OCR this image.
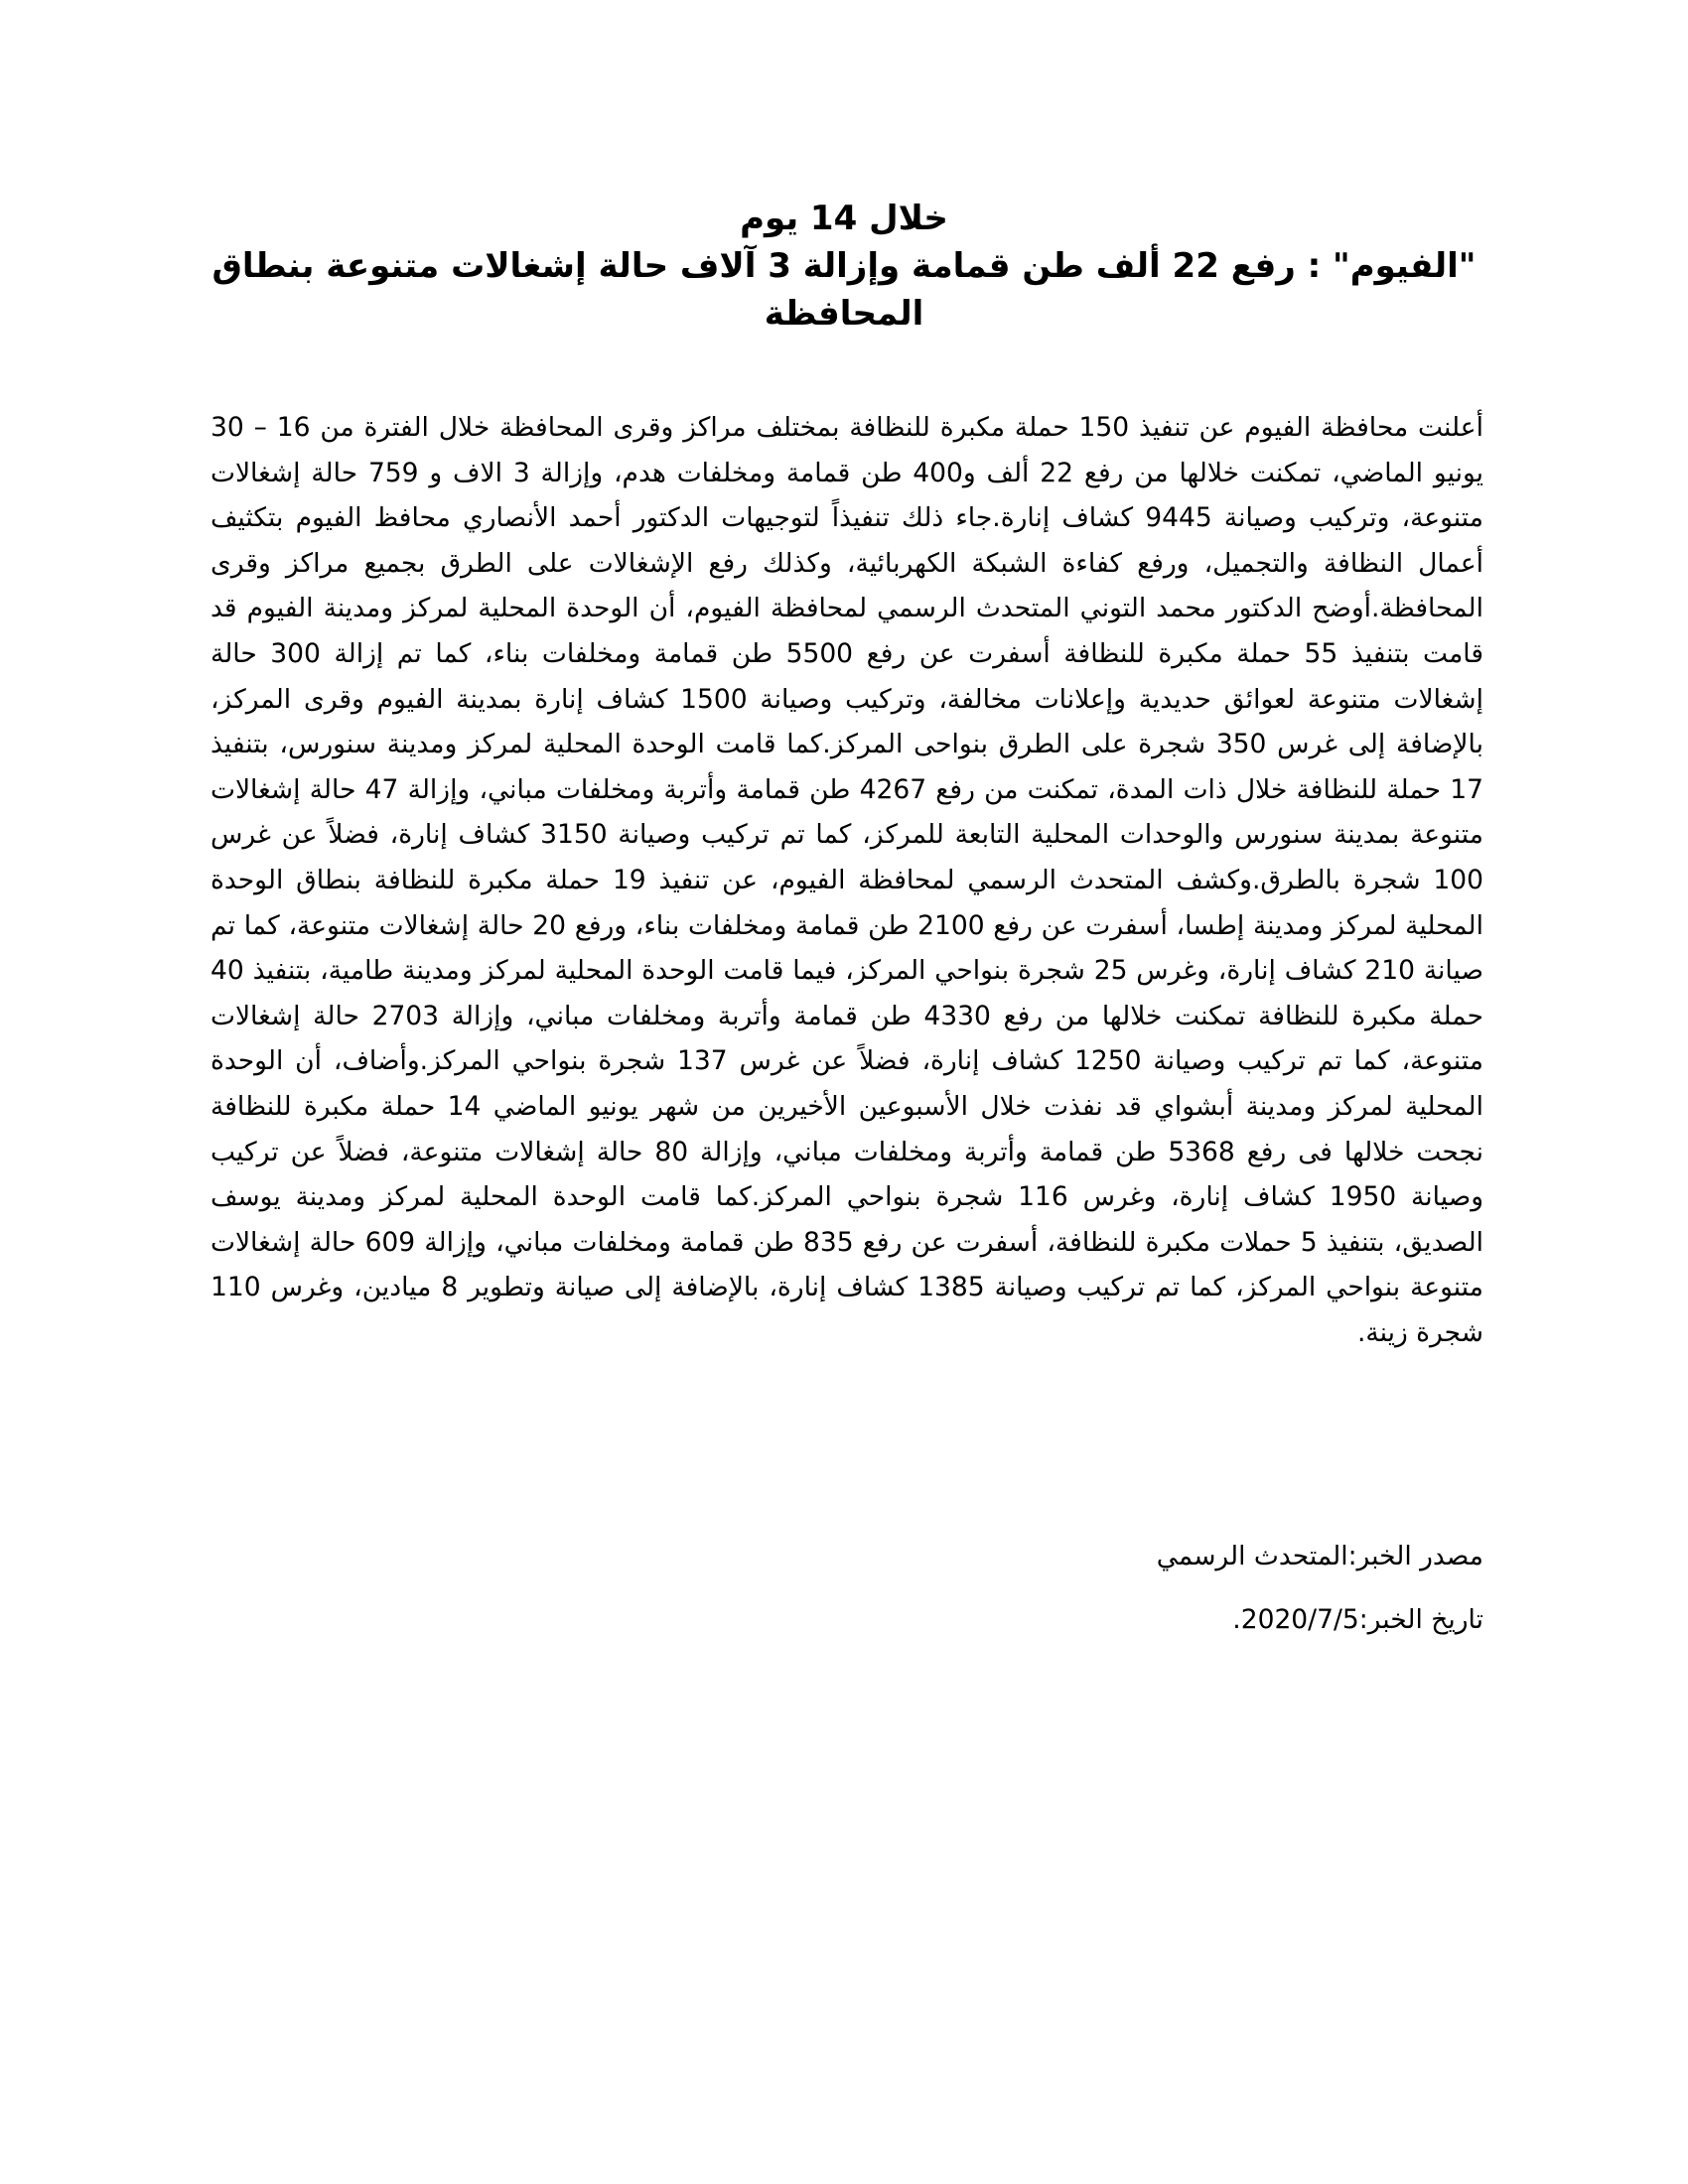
خلال 14 يوم
"الفيوم" : رفع 22 ألف طن قمامة وإزالة 3 آلاف حالة إشغالات متنوعة بنطاق المحافظة

أعلنت محافظة الفيوم عن تنفيذ 150 حملة مكبرة للنظافة بمختلف مراكز وقرى المحافظة خلال الفترة من 16 – 30 يونيو الماضي، تمكنت خلالها من رفع 22 ألف و400 طن قمامة ومخلفات هدم، وإزالة 3 الاف و 759 حالة إشغالات متنوعة، وتركيب وصيانة 9445 كشاف إنارة.جاء ذلك تنفيذاً لتوجيهات الدكتور أحمد الأنصاري محافظ الفيوم بتكثيف أعمال النظافة والتجميل، ورفع كفاءة الشبكة الكهربائية، وكذلك رفع الإشغالات على الطرق بجميع مراكز وقرى المحافظة.أوضح الدكتور محمد التوني المتحدث الرسمي لمحافظة الفيوم، أن الوحدة المحلية لمركز ومدينة الفيوم قد قامت بتنفيذ 55 حملة مكبرة للنظافة أسفرت عن رفع 5500 طن قمامة ومخلفات بناء، كما تم إزالة 300 حالة إشغالات متنوعة لعوائق حديدية وإعلانات مخالفة، وتركيب وصيانة 1500 كشاف إنارة بمدينة الفيوم وقرى المركز، بالإضافة إلى غرس 350 شجرة على الطرق بنواحى المركز.كما قامت الوحدة المحلية لمركز ومدينة سنورس، بتنفيذ 17 حملة للنظافة خلال ذات المدة، تمكنت من رفع 4267 طن قمامة وأتربة ومخلفات مباني، وإزالة 47 حالة إشغالات متنوعة بمدينة سنورس والوحدات المحلية التابعة للمركز، كما تم تركيب وصيانة 3150 كشاف إنارة، فضلاً عن غرس 100 شجرة بالطرق.وكشف المتحدث الرسمي لمحافظة الفيوم، عن تنفيذ 19 حملة مكبرة للنظافة بنطاق الوحدة المحلية لمركز ومدينة إطسا، أسفرت عن رفع 2100 طن قمامة ومخلفات بناء، ورفع 20 حالة إشغالات متنوعة، كما تم صيانة 210 كشاف إنارة، وغرس 25 شجرة بنواحي المركز، فيما قامت الوحدة المحلية لمركز ومدينة طامية، بتنفيذ 40 حملة مكبرة للنظافة تمكنت خلالها من رفع 4330 طن قمامة وأتربة ومخلفات مباني، وإزالة 2703 حالة إشغالات متنوعة، كما تم تركيب وصيانة 1250 كشاف إنارة، فضلاً عن غرس 137 شجرة بنواحي المركز.وأضاف، أن الوحدة المحلية لمركز ومدينة أبشواي قد نفذت خلال الأسبوعين الأخيرين من شهر يونيو الماضي 14 حملة مكبرة للنظافة نجحت خلالها فى رفع 5368 طن قمامة وأتربة ومخلفات مباني، وإزالة 80 حالة إشغالات متنوعة، فضلاً عن تركيب وصيانة 1950 كشاف إنارة، وغرس 116 شجرة بنواحي المركز.كما قامت الوحدة المحلية لمركز ومدينة يوسف الصديق، بتنفيذ 5 حملات مكبرة للنظافة، أسفرت عن رفع 835 طن قمامة ومخلفات مباني، وإزالة 609 حالة إشغالات متنوعة بنواحي المركز، كما تم تركيب وصيانة 1385 كشاف إنارة، بالإضافة إلى صيانة وتطوير 8 ميادين، وغرس 110 شجرة زينة.

مصدر الخبر:المتحدث الرسمي

تاريخ الخبر:2020/7/5.
